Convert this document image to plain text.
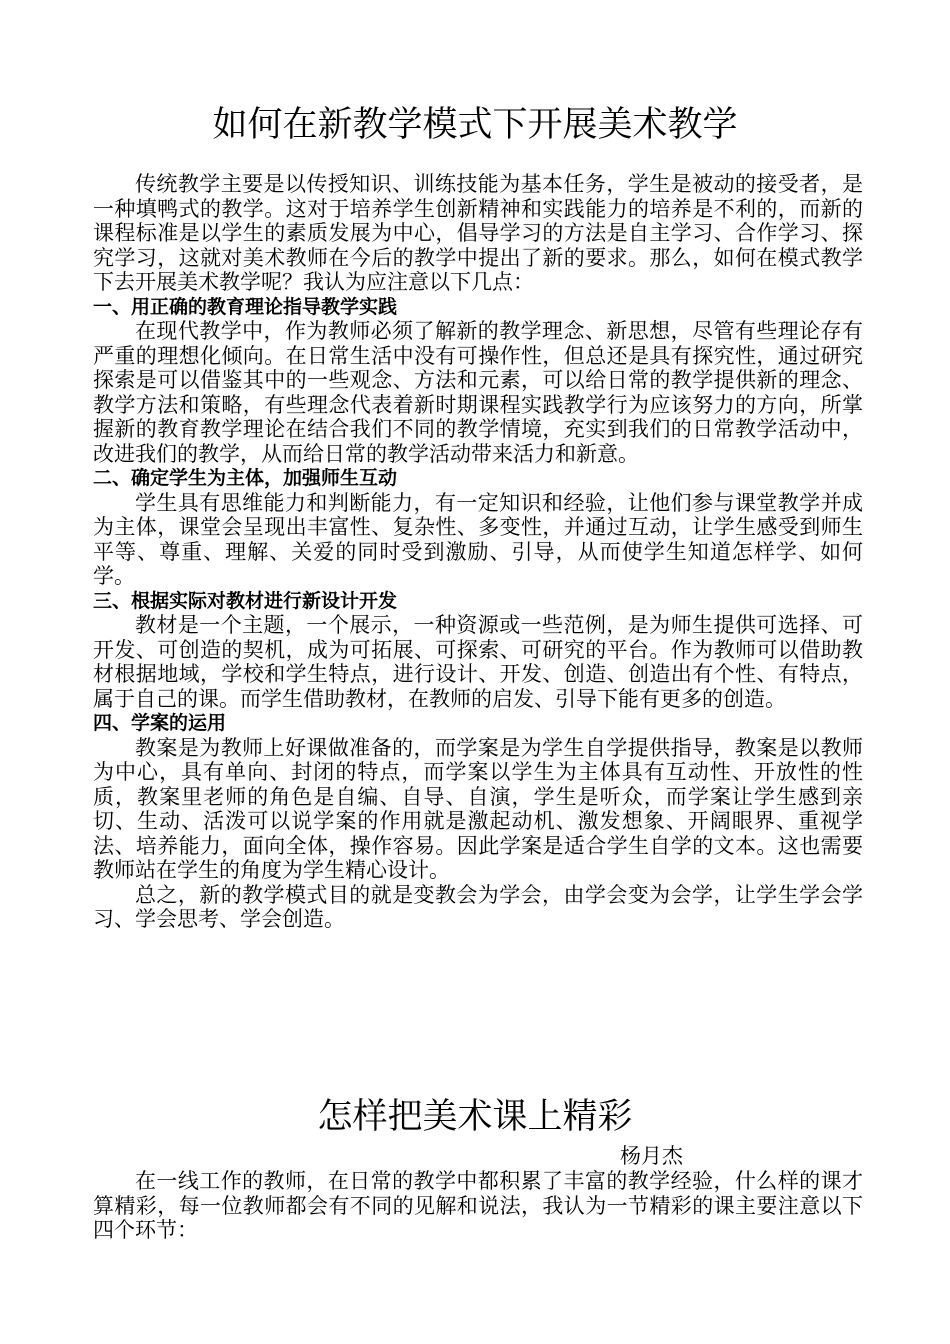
如何在新教学模式下开展美术教学

传统教学主要是以传授知识、训练技能为基本任务，学生是被动的接受者，是一种填鸭式的教学。这对于培养学生创新精神和实践能力的培养是不利的，而新的课程标准是以学生的素质发展为中心，倡导学习的方法是自主学习、合作学习、探究学习，这就对美术教师在今后的教学中提出了新的要求。那么，如何在模式教学下去开展美术教学呢？我认为应注意以下几点：

一、用正确的教育理论指导教学实践

在现代教学中，作为教师必须了解新的教学理念、新思想，尽管有些理论存有严重的理想化倾向。在日常生活中没有可操作性，但总还是具有探究性，通过研究探索是可以借鉴其中的一些观念、方法和元素，可以给日常的教学提供新的理念、教学方法和策略，有些理念代表着新时期课程实践教学行为应该努力的方向，所掌握新的教育教学理论在结合我们不同的教学情境，充实到我们的日常教学活动中，改进我们的教学，从而给日常的教学活动带来活力和新意。

二、确定学生为主体，加强师生互动

学生具有思维能力和判断能力，有一定知识和经验，让他们参与课堂教学并成为主体，课堂会呈现出丰富性、复杂性、多变性，并通过互动，让学生感受到师生平等、尊重、理解、关爱的同时受到激励、引导，从而使学生知道怎样学、如何学。

三、根据实际对教材进行新设计开发

教材是一个主题，一个展示，一种资源或一些范例，是为师生提供可选择、可开发、可创造的契机，成为可拓展、可探索、可研究的平台。作为教师可以借助教材根据地域，学校和学生特点，进行设计、开发、创造、创造出有个性、有特点，属于自己的课。而学生借助教材，在教师的启发、引导下能有更多的创造。

四、学案的运用

教案是为教师上好课做准备的，而学案是为学生自学提供指导，教案是以教师为中心，具有单向、封闭的特点，而学案以学生为主体具有互动性、开放性的性质，教案里老师的角色是自编、自导、自演，学生是听众，而学案让学生感到亲切、生动、活泼可以说学案的作用就是激起动机、激发想象、开阔眼界、重视学法、培养能力，面向全体，操作容易。因此学案是适合学生自学的文本。这也需要教师站在学生的角度为学生精心设计。

总之，新的教学模式目的就是变教会为学会，由学会变为会学，让学生学会学习、学会思考、学会创造。

怎样把美术课上精彩

杨月杰

在一线工作的教师，在日常的教学中都积累了丰富的教学经验，什么样的课才算精彩，每一位教师都会有不同的见解和说法，我认为一节精彩的课主要注意以下四个环节：
